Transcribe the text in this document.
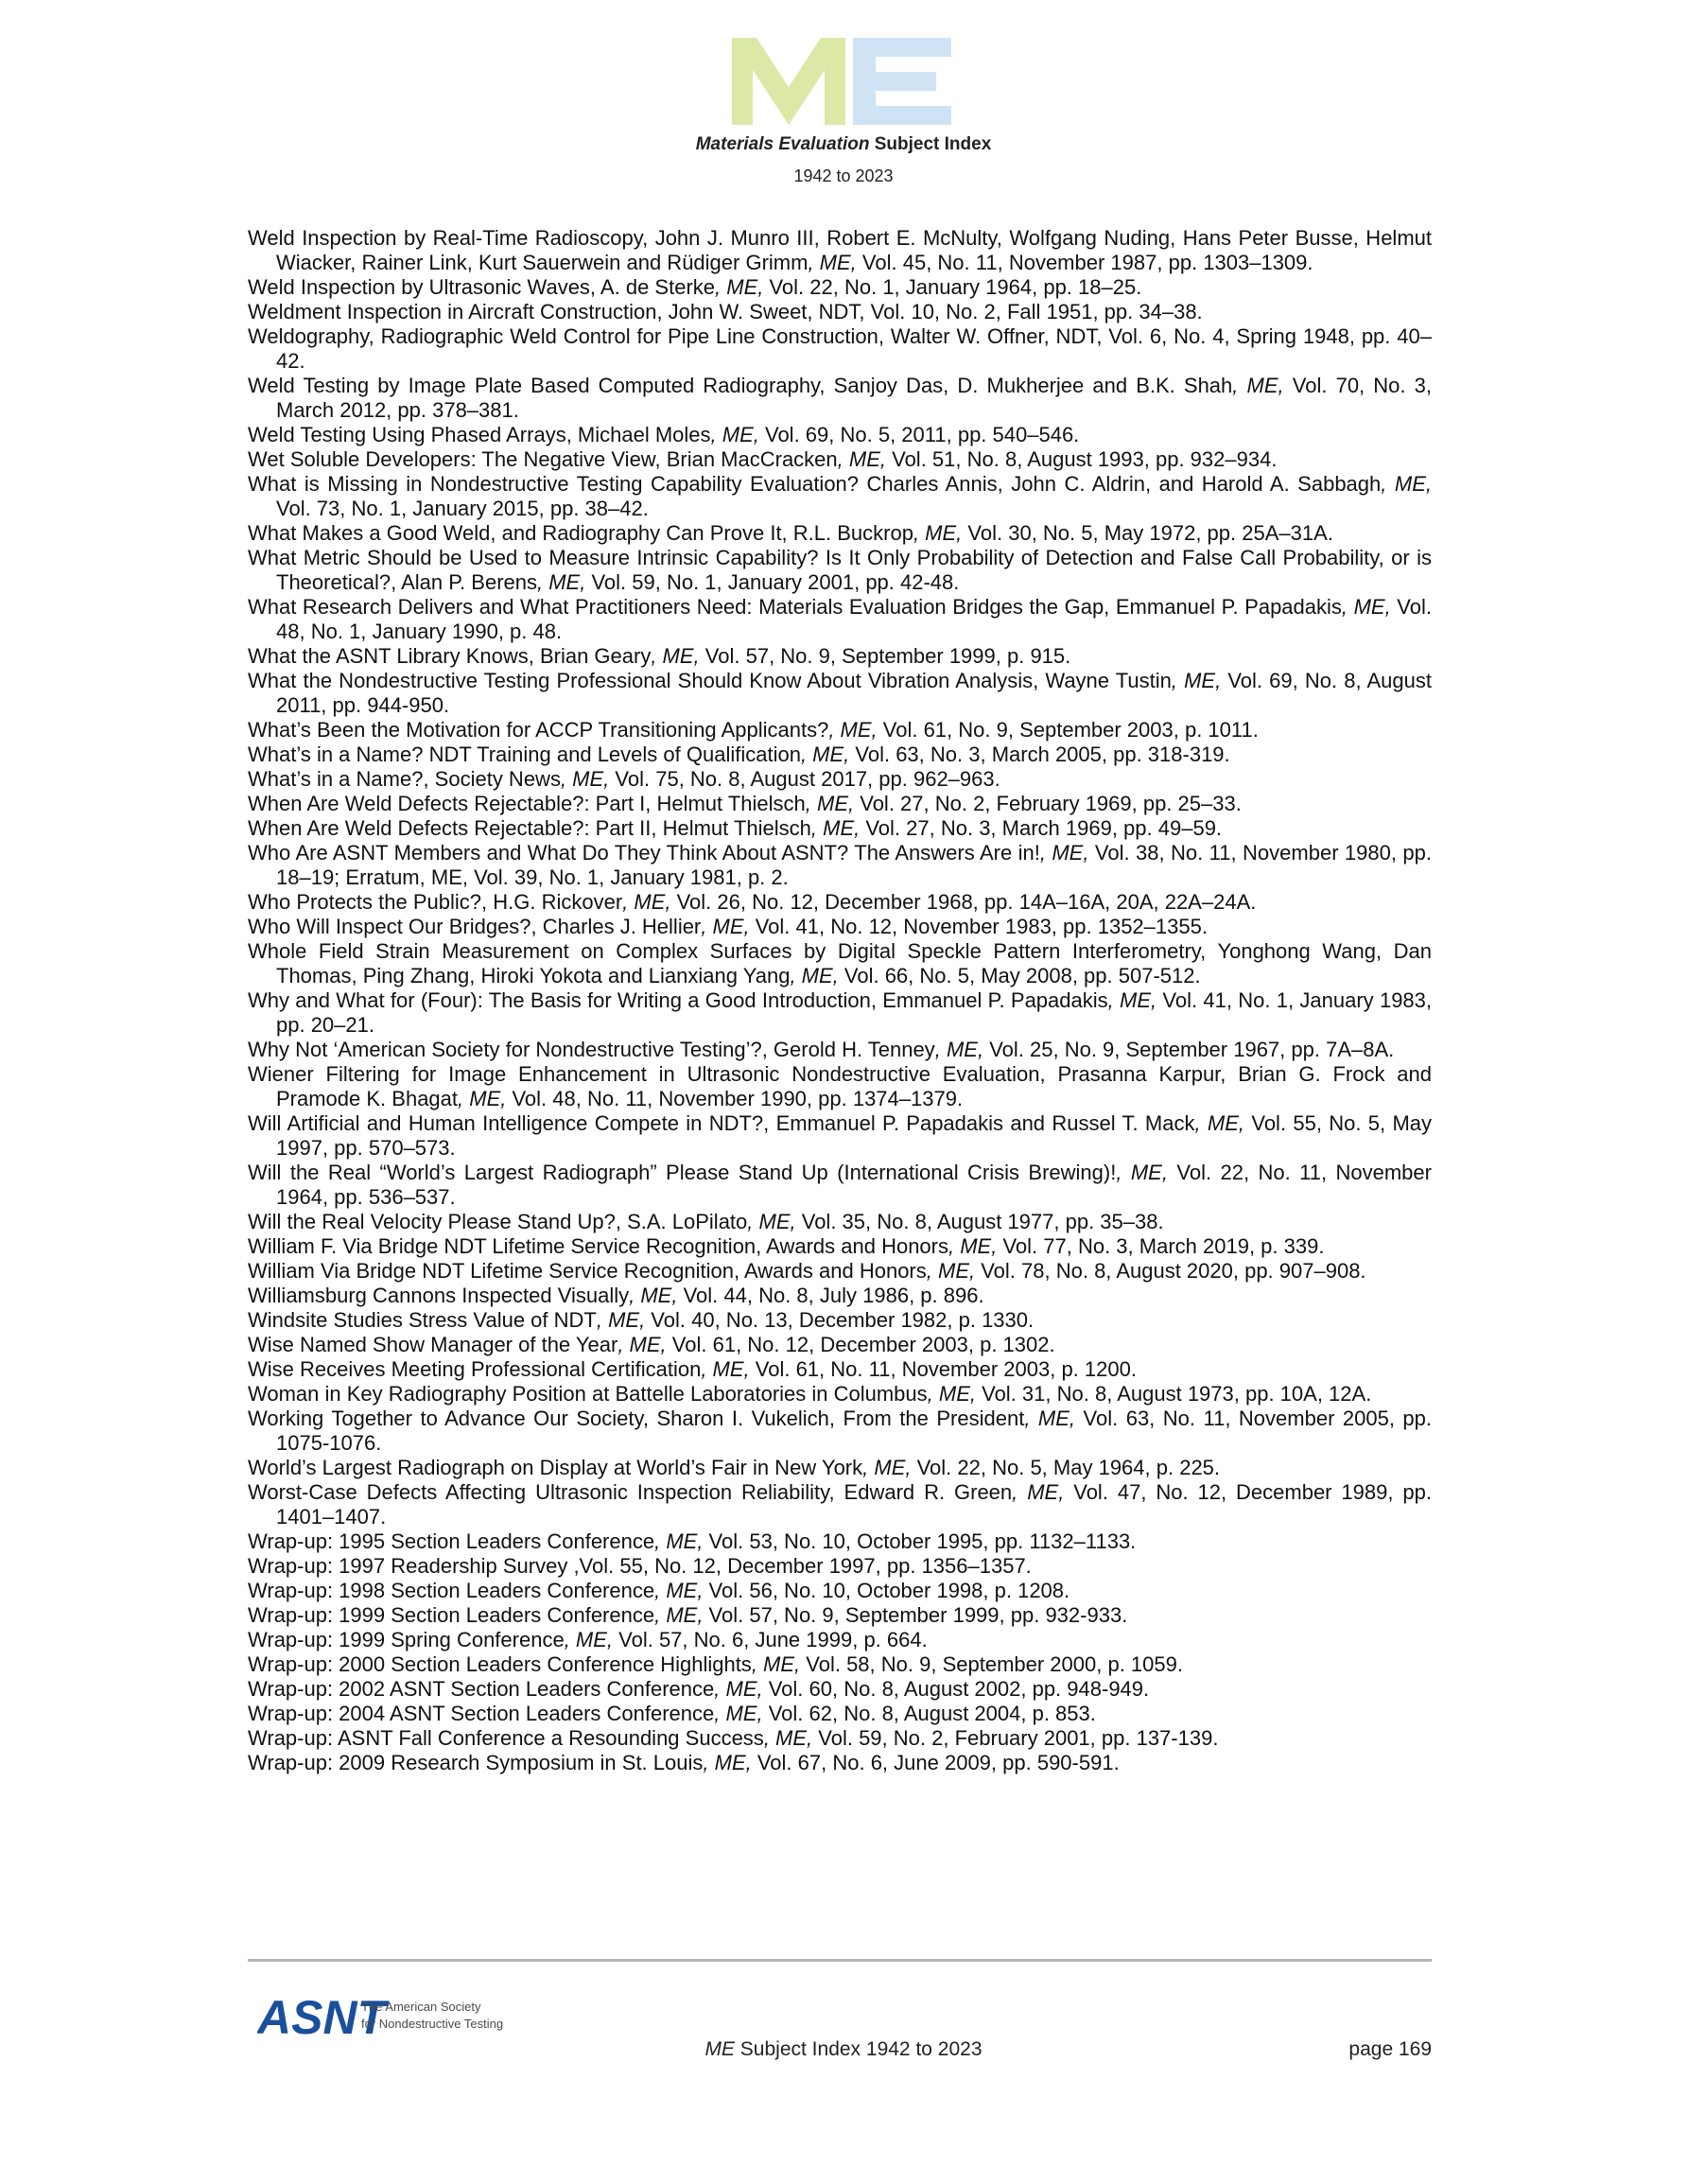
Materials Evaluation Subject Index
1942 to 2023

Weld Inspection by Real-Time Radioscopy, John J. Munro III, Robert E. McNulty, Wolfgang Nuding, Hans Peter Busse, Helmut Wiacker, Rainer Link, Kurt Sauerwein and Rüdiger Grimm, ME, Vol. 45, No. 11, November 1987, pp. 1303–1309.

Weld Inspection by Ultrasonic Waves, A. de Sterke, ME, Vol. 22, No. 1, January 1964, pp. 18–25.

Weldment Inspection in Aircraft Construction, John W. Sweet, NDT, Vol. 10, No. 2, Fall 1951, pp. 34–38.

Weldography, Radiographic Weld Control for Pipe Line Construction, Walter W. Offner, NDT, Vol. 6, No. 4, Spring 1948, pp. 40–42.

Weld Testing by Image Plate Based Computed Radiography, Sanjoy Das, D. Mukherjee and B.K. Shah, ME, Vol. 70, No. 3, March 2012, pp. 378–381.

Weld Testing Using Phased Arrays, Michael Moles, ME, Vol. 69, No. 5, 2011, pp. 540–546.

Wet Soluble Developers: The Negative View, Brian MacCracken, ME, Vol. 51, No. 8, August 1993, pp. 932–934.

What is Missing in Nondestructive Testing Capability Evaluation? Charles Annis, John C. Aldrin, and Harold A. Sabbagh, ME, Vol. 73, No. 1, January 2015, pp. 38–42.

What Makes a Good Weld, and Radiography Can Prove It, R.L. Buckrop, ME, Vol. 30, No. 5, May 1972, pp. 25A–31A.

What Metric Should be Used to Measure Intrinsic Capability? Is It Only Probability of Detection and False Call Probability, or is Theoretical?, Alan P. Berens, ME, Vol. 59, No. 1, January 2001, pp. 42-48.

What Research Delivers and What Practitioners Need: Materials Evaluation Bridges the Gap, Emmanuel P. Papadakis, ME, Vol. 48, No. 1, January 1990, p. 48.

What the ASNT Library Knows, Brian Geary, ME, Vol. 57, No. 9, September 1999, p. 915.

What the Nondestructive Testing Professional Should Know About Vibration Analysis, Wayne Tustin, ME, Vol. 69, No. 8, August 2011, pp. 944-950.

What’s Been the Motivation for ACCP Transitioning Applicants?, ME, Vol. 61, No. 9, September 2003, p. 1011.

What’s in a Name? NDT Training and Levels of Qualification, ME, Vol. 63, No. 3, March 2005, pp. 318-319.

What’s in a Name?, Society News, ME, Vol. 75, No. 8, August 2017, pp. 962–963.

When Are Weld Defects Rejectable?: Part I, Helmut Thielsch, ME, Vol. 27, No. 2, February 1969, pp. 25–33.

When Are Weld Defects Rejectable?: Part II, Helmut Thielsch, ME, Vol. 27, No. 3, March 1969, pp. 49–59.

Who Are ASNT Members and What Do They Think About ASNT? The Answers Are in!, ME, Vol. 38, No. 11, November 1980, pp. 18–19; Erratum, ME, Vol. 39, No. 1, January 1981, p. 2.

Who Protects the Public?, H.G. Rickover, ME, Vol. 26, No. 12, December 1968, pp. 14A–16A, 20A, 22A–24A.

Who Will Inspect Our Bridges?, Charles J. Hellier, ME, Vol. 41, No. 12, November 1983, pp. 1352–1355.

Whole Field Strain Measurement on Complex Surfaces by Digital Speckle Pattern Interferometry, Yonghong Wang, Dan Thomas, Ping Zhang, Hiroki Yokota and Lianxiang Yang, ME, Vol. 66, No. 5, May 2008, pp. 507-512.

Why and What for (Four): The Basis for Writing a Good Introduction, Emmanuel P. Papadakis, ME, Vol. 41, No. 1, January 1983, pp. 20–21.

Why Not ‘American Society for Nondestructive Testing’?, Gerold H. Tenney, ME, Vol. 25, No. 9, September 1967, pp. 7A–8A.

Wiener Filtering for Image Enhancement in Ultrasonic Nondestructive Evaluation, Prasanna Karpur, Brian G. Frock and Pramode K. Bhagat, ME, Vol. 48, No. 11, November 1990, pp. 1374–1379.

Will Artificial and Human Intelligence Compete in NDT?, Emmanuel P. Papadakis and Russel T. Mack, ME, Vol. 55, No. 5, May 1997, pp. 570–573.

Will the Real “World’s Largest Radiograph” Please Stand Up (International Crisis Brewing)!, ME, Vol. 22, No. 11, November 1964, pp. 536–537.

Will the Real Velocity Please Stand Up?, S.A. LoPilato, ME, Vol. 35, No. 8, August 1977, pp. 35–38.

William F. Via Bridge NDT Lifetime Service Recognition, Awards and Honors, ME, Vol. 77, No. 3, March 2019, p. 339.

William Via Bridge NDT Lifetime Service Recognition, Awards and Honors, ME, Vol. 78, No. 8, August 2020, pp. 907–908.

Williamsburg Cannons Inspected Visually, ME, Vol. 44, No. 8, July 1986, p. 896.

Windsite Studies Stress Value of NDT, ME, Vol. 40, No. 13, December 1982, p. 1330.

Wise Named Show Manager of the Year, ME, Vol. 61, No. 12, December 2003, p. 1302.

Wise Receives Meeting Professional Certification, ME, Vol. 61, No. 11, November 2003, p. 1200.

Woman in Key Radiography Position at Battelle Laboratories in Columbus, ME, Vol. 31, No. 8, August 1973, pp. 10A, 12A.

Working Together to Advance Our Society, Sharon I. Vukelich, From the President, ME, Vol. 63, No. 11, November 2005, pp. 1075-1076.

World’s Largest Radiograph on Display at World’s Fair in New York, ME, Vol. 22, No. 5, May 1964, p. 225.

Worst-Case Defects Affecting Ultrasonic Inspection Reliability, Edward R. Green, ME, Vol. 47, No. 12, December 1989, pp. 1401–1407.

Wrap-up: 1995 Section Leaders Conference, ME, Vol. 53, No. 10, October 1995, pp. 1132–1133.

Wrap-up: 1997 Readership Survey ,Vol. 55, No. 12, December 1997, pp. 1356–1357.

Wrap-up: 1998 Section Leaders Conference, ME, Vol. 56, No. 10, October 1998, p. 1208.

Wrap-up: 1999 Section Leaders Conference, ME, Vol. 57, No. 9, September 1999, pp. 932-933.

Wrap-up: 1999 Spring Conference, ME, Vol. 57, No. 6, June 1999, p. 664.

Wrap-up: 2000 Section Leaders Conference Highlights, ME, Vol. 58, No. 9, September 2000, p. 1059.

Wrap-up: 2002 ASNT Section Leaders Conference, ME, Vol. 60, No. 8, August 2002, pp. 948-949.

Wrap-up: 2004 ASNT Section Leaders Conference, ME, Vol. 62, No. 8, August 2004, p. 853.

Wrap-up: ASNT Fall Conference a Resounding Success, ME, Vol. 59, No. 2, February 2001, pp. 137-139.

Wrap-up: 2009 Research Symposium in St. Louis, ME, Vol. 67, No. 6, June 2009, pp. 590-591.

ASNT
The American Society
for Nondestructive Testing
ME Subject Index 1942 to 2023	page 169
